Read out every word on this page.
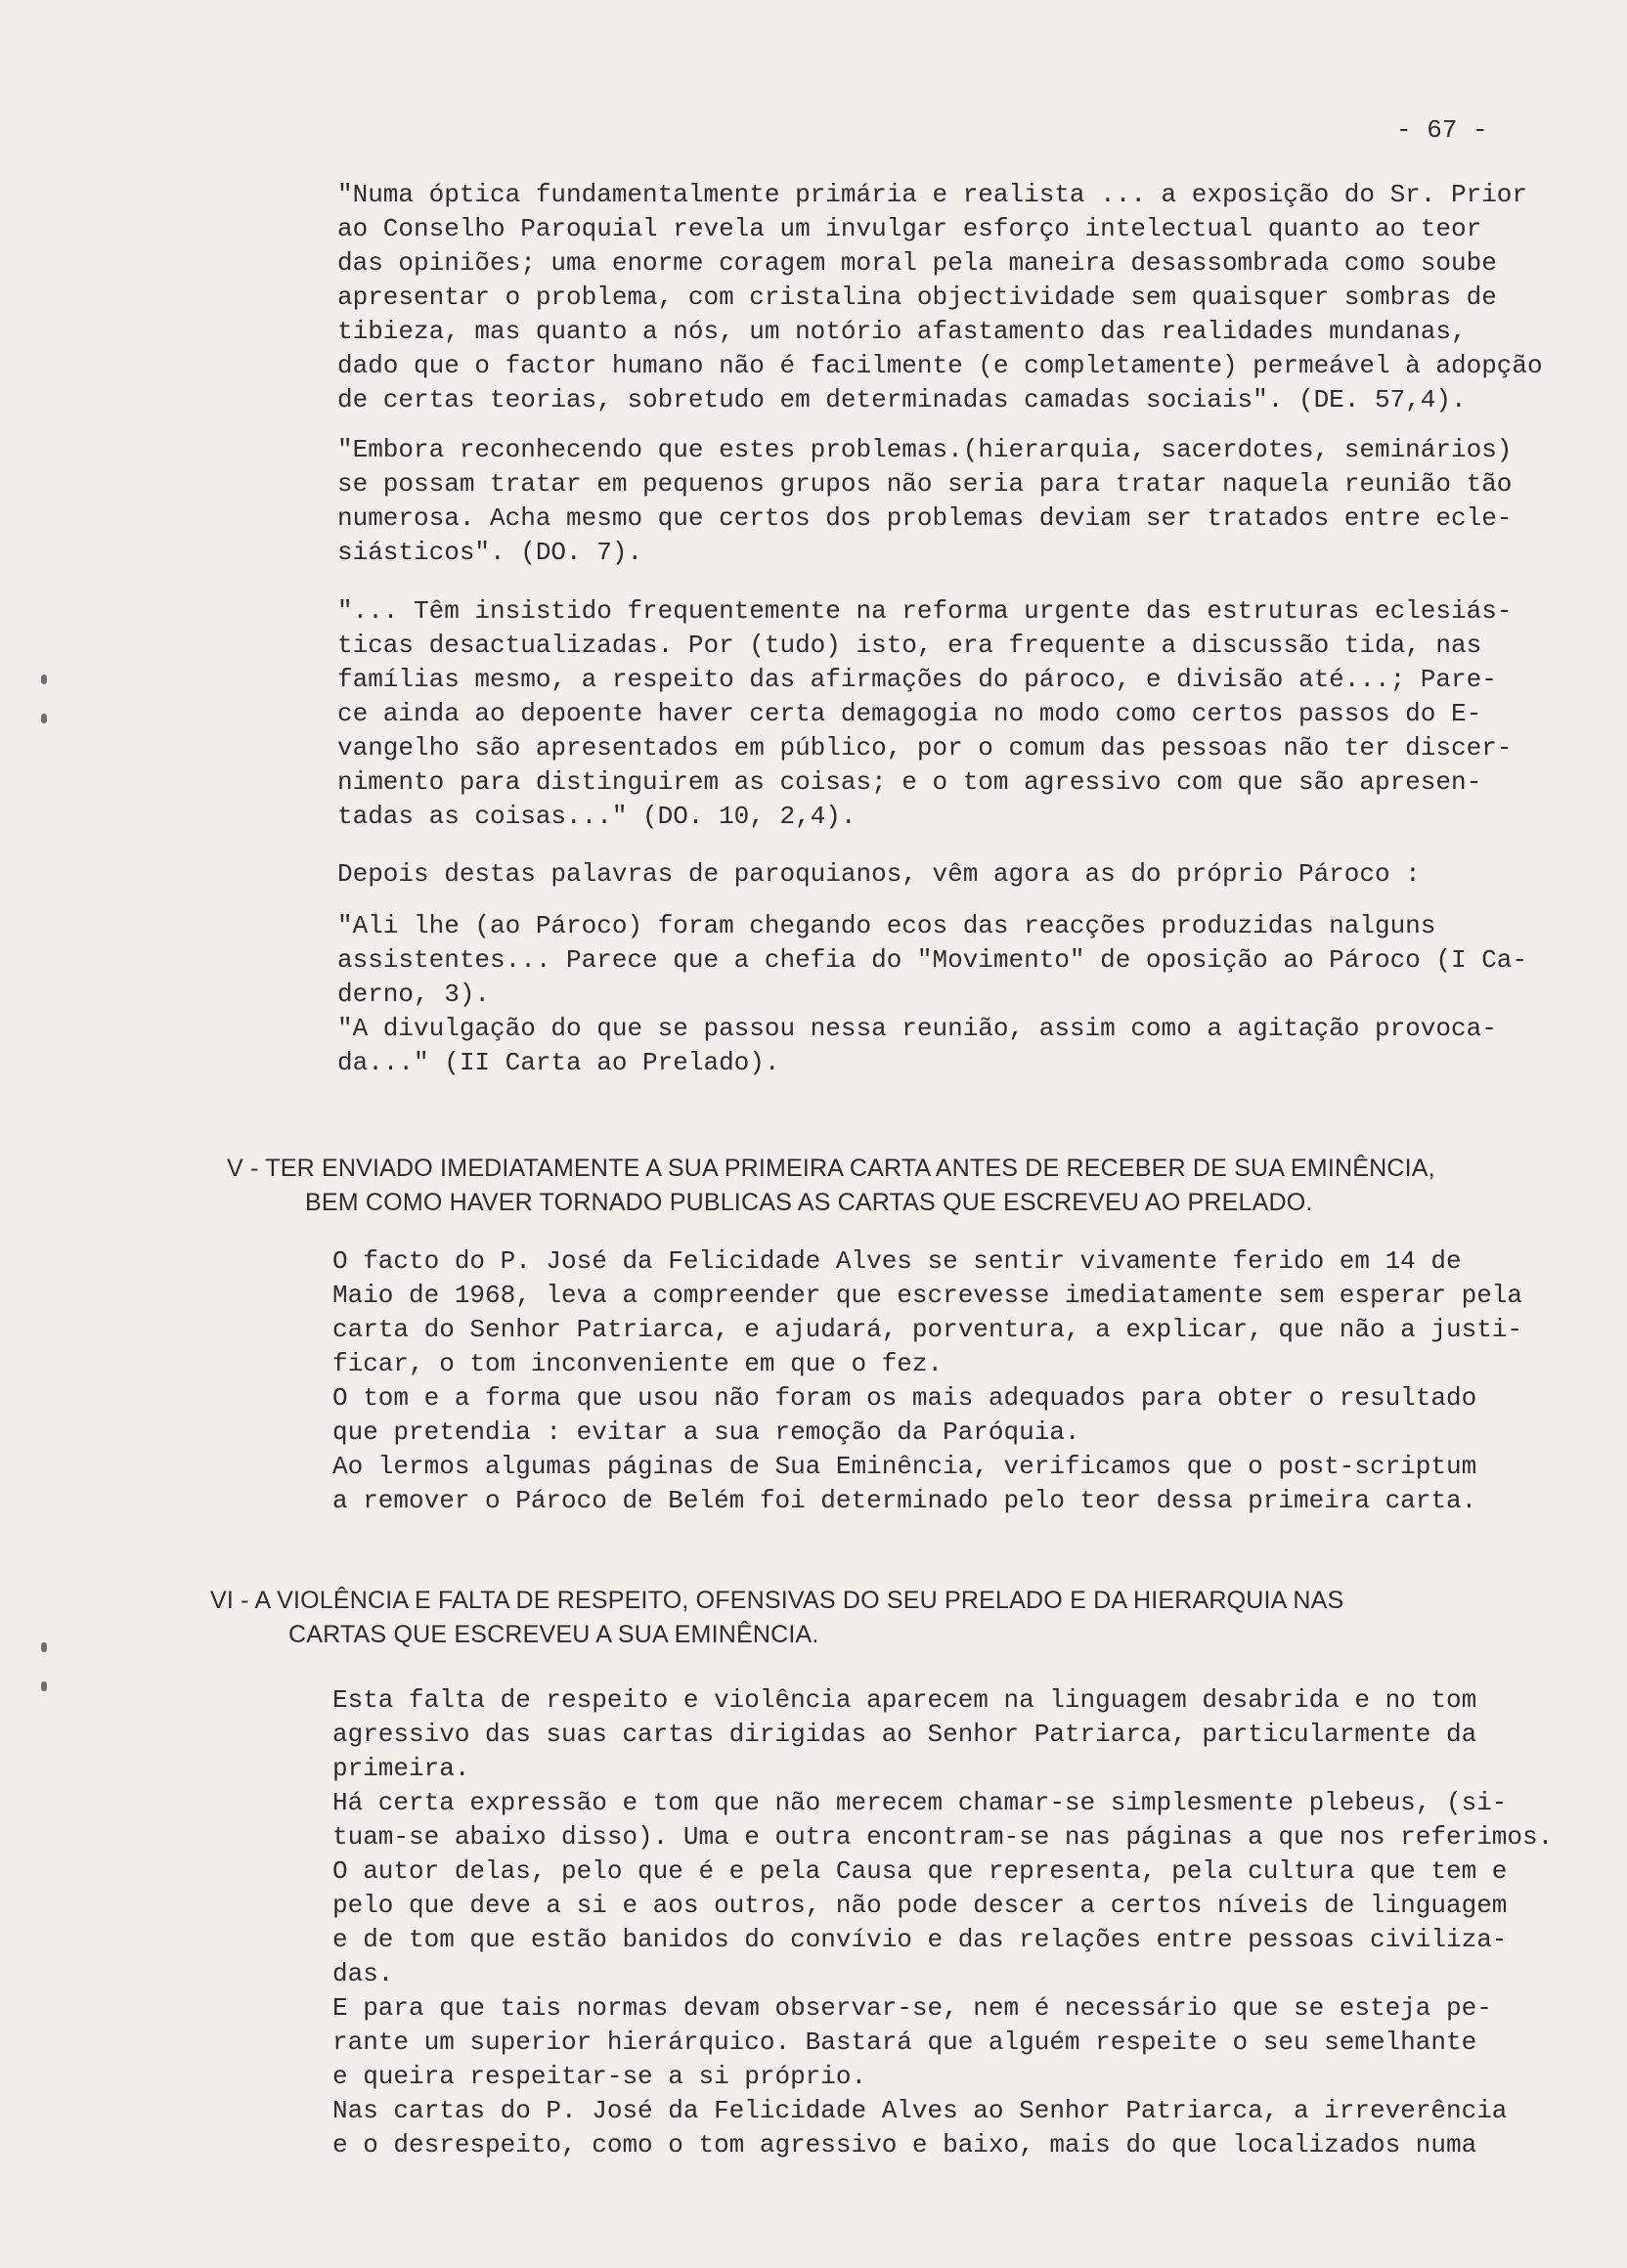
- 67 -
"Numa óptica fundamentalmente primária e realista ... a exposição do Sr. Prior
ao Conselho Paroquial revela um invulgar esforço intelectual quanto ao teor
das opiniões; uma enorme coragem moral pela maneira desassombrada como soube
apresentar o problema, com cristalina objectividade sem quaisquer sombras de
tibieza, mas quanto a nós, um notório afastamento das realidades mundanas,
dado que o factor humano não é facilmente (e completamente) permeável à adopção
de certas teorias, sobretudo em determinadas camadas sociais". (DE. 57,4).
"Embora reconhecendo que estes problemas.(hierarquia, sacerdotes, seminários)
se possam tratar em pequenos grupos não seria para tratar naquela reunião tão
numerosa. Acha mesmo que certos dos problemas deviam ser tratados entre ecle-
siásticos". (DO. 7).
"... Têm insistido frequentemente na reforma urgente das estruturas eclesiás-
ticas desactualizadas. Por (tudo) isto, era frequente a discussão tida, nas
famílias mesmo, a respeito das afirmações do pároco, e divisão até...; Pare-
ce ainda ao depoente haver certa demagogia no modo como certos passos do E-
vangelho são apresentados em público, por o comum das pessoas não ter discer-
nimento para distinguirem as coisas; e o tom agressivo com que são apresen-
tadas as coisas..." (DO. 10, 2,4).
Depois destas palavras de paroquianos, vêm agora as do próprio Pároco :
"Ali lhe (ao Pároco) foram chegando ecos das reacções produzidas nalguns
assistentes... Parece que a chefia do "Movimento" de oposição ao Pároco (I Ca-
derno, 3).
"A divulgação do que se passou nessa reunião, assim como a agitação provoca-
da..." (II Carta ao Prelado).
V - TER ENVIADO IMEDIATAMENTE A SUA PRIMEIRA CARTA ANTES DE RECEBER DE SUA EMINÊNCIA,
BEM COMO HAVER TORNADO PUBLICAS AS CARTAS QUE ESCREVEU AO PRELADO.
O facto do P. José da Felicidade Alves se sentir vivamente ferido em 14 de
Maio de 1968, leva a compreender que escrevesse imediatamente sem esperar pela
carta do Senhor Patriarca, e ajudará, porventura, a explicar, que não a justi-
ficar, o tom inconveniente em que o fez.
O tom e a forma que usou não foram os mais adequados para obter o resultado
que pretendia : evitar a sua remoção da Paróquia.
Ao lermos algumas páginas de Sua Eminência, verificamos que o post-scriptum
a remover o Pároco de Belém foi determinado pelo teor dessa primeira carta.
VI - A VIOLÊNCIA E FALTA DE RESPEITO, OFENSIVAS DO SEU PRELADO E DA HIERARQUIA NAS
CARTAS QUE ESCREVEU A SUA EMINÊNCIA.
Esta falta de respeito e violência aparecem na linguagem desabrida e no tom
agressivo das suas cartas dirigidas ao Senhor Patriarca, particularmente da
primeira.
Há certa expressão e tom que não merecem chamar-se simplesmente plebeus, (si-
tuam-se abaixo disso). Uma e outra encontram-se nas páginas a que nos referimos.
O autor delas, pelo que é e pela Causa que representa, pela cultura que tem e
pelo que deve a si e aos outros, não pode descer a certos níveis de linguagem
e de tom que estão banidos do convívio e das relações entre pessoas civiliza-
das.
E para que tais normas devam observar-se, nem é necessário que se esteja pe-
rante um superior hierárquico. Bastará que alguém respeite o seu semelhante
e queira respeitar-se a si próprio.
Nas cartas do P. José da Felicidade Alves ao Senhor Patriarca, a irreverência
e o desrespeito, como o tom agressivo e baixo, mais do que localizados numa
